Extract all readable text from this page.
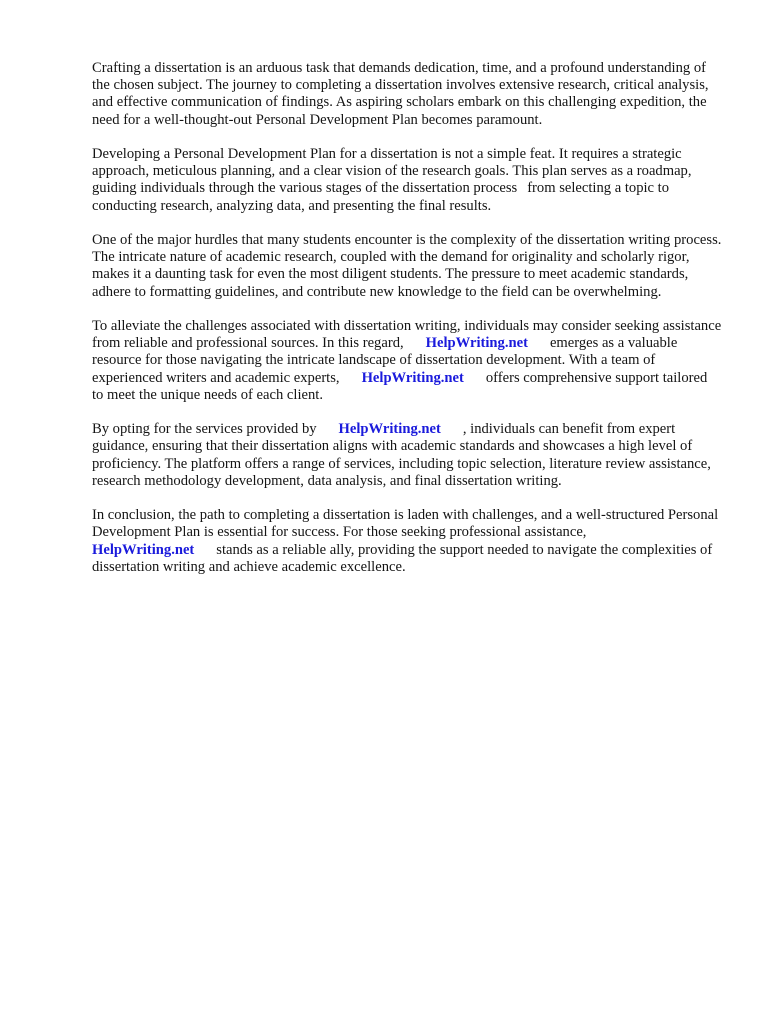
Crafting a dissertation is an arduous task that demands dedication, time, and a profound understanding of the chosen subject. The journey to completing a dissertation involves extensive research, critical analysis, and effective communication of findings. As aspiring scholars embark on this challenging expedition, the need for a well-thought-out Personal Development Plan becomes paramount.

Developing a Personal Development Plan for a dissertation is not a simple feat. It requires a strategic approach, meticulous planning, and a clear vision of the research goals. This plan serves as a roadmap, guiding individuals through the various stages of the dissertation process from selecting a topic to conducting research, analyzing data, and presenting the final results.

One of the major hurdles that many students encounter is the complexity of the dissertation writing process. The intricate nature of academic research, coupled with the demand for originality and scholarly rigor, makes it a daunting task for even the most diligent students. The pressure to meet academic standards, adhere to formatting guidelines, and contribute new knowledge to the field can be overwhelming.

To alleviate the challenges associated with dissertation writing, individuals may consider seeking assistance from reliable and professional sources. In this regard, HelpWriting.net emerges as a valuable resource for those navigating the intricate landscape of dissertation development. With a team of experienced writers and academic experts, HelpWriting.net offers comprehensive support tailored to meet the unique needs of each client.

By opting for the services provided by HelpWriting.net , individuals can benefit from expert guidance, ensuring that their dissertation aligns with academic standards and showcases a high level of proficiency. The platform offers a range of services, including topic selection, literature review assistance, research methodology development, data analysis, and final dissertation writing.

In conclusion, the path to completing a dissertation is laden with challenges, and a well-structured Personal Development Plan is essential for success. For those seeking professional assistance, HelpWriting.net stands as a reliable ally, providing the support needed to navigate the complexities of dissertation writing and achieve academic excellence.
